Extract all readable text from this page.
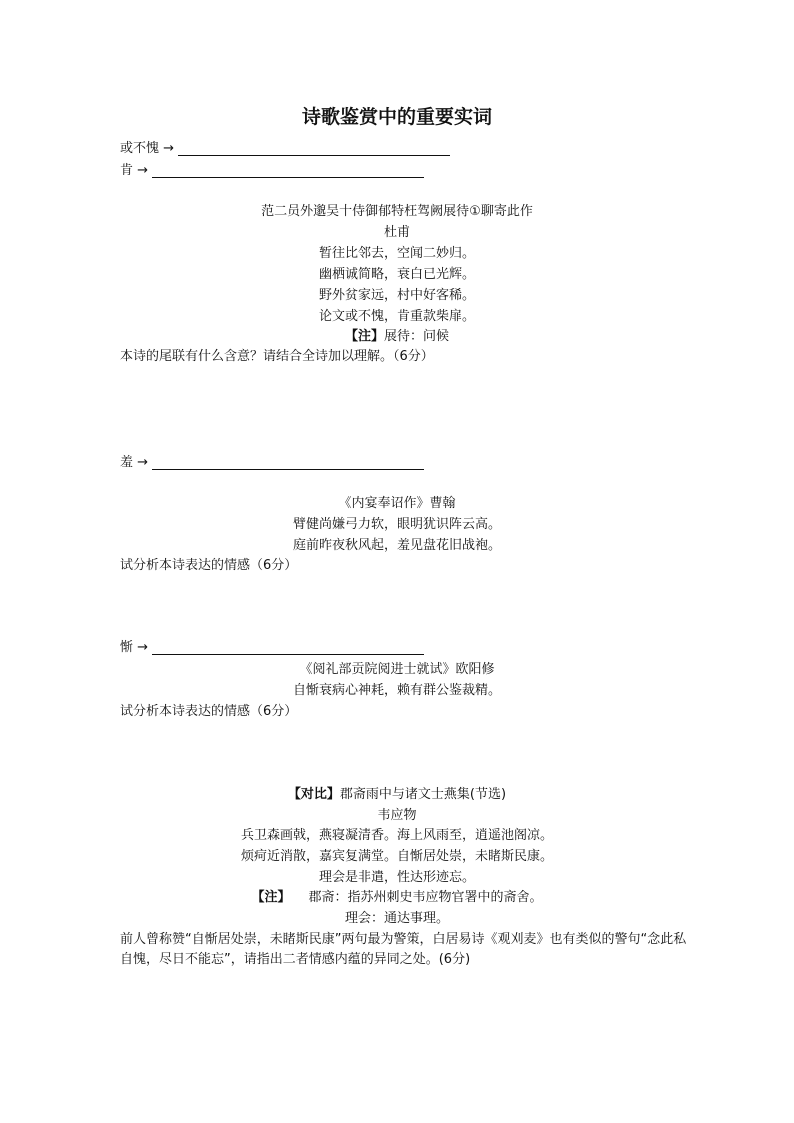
诗歌鉴赏中的重要实词
或不愧 →
肯 →
范二员外邈吴十侍御郁特枉驾阙展待①聊寄此作
杜甫
暂往比邻去，空闻二妙归。
幽栖诚简略，衰白已光辉。
野外贫家远，村中好客稀。
论文或不愧，肯重款柴扉。
【注】展待：问候
本诗的尾联有什么含意？请结合全诗加以理解。（6分）
羞 →
《内宴奉诏作》曹翰
臂健尚嫌弓力软，眼明犹识阵云高。
庭前昨夜秋风起，羞见盘花旧战袍。
试分析本诗表达的情感（6分）
惭 →
《阅礼部贡院阅进士就试》欧阳修
自惭衰病心神耗，赖有群公鉴裁精。
试分析本诗表达的情感（6分）
【对比】郡斋雨中与诸文士燕集(节选)
韦应物
兵卫森画戟，燕寝凝清香。海上风雨至，逍遥池阁凉。
烦疴近消散，嘉宾复满堂。自惭居处崇，未睹斯民康。
理会是非遣，性达形迹忘。
【注】 郡斋：指苏州刺史韦应物官署中的斋舍。
理会：通达事理。
前人曾称赞“自惭居处崇，未睹斯民康”两句最为警策，白居易诗《观刈麦》也有类似的警句“念此私自愧，尽日不能忘”，请指出二者情感内蕴的异同之处。(6分)
